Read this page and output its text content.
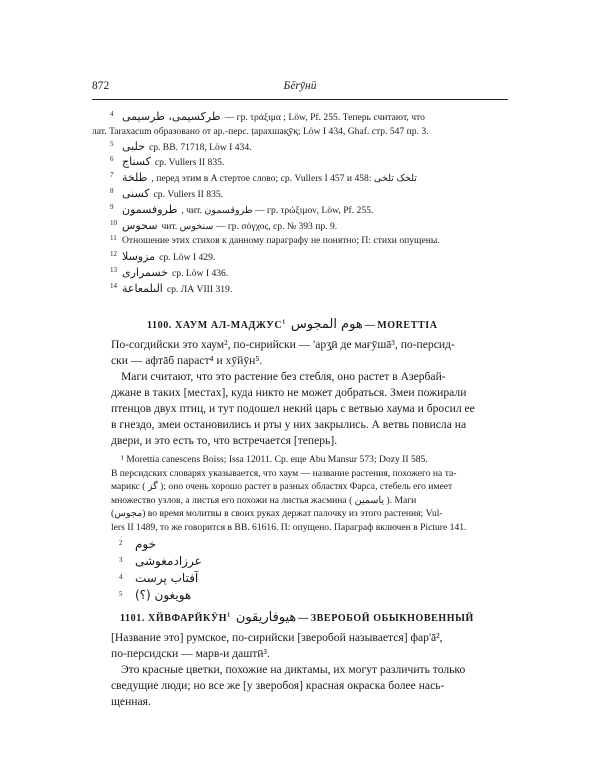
872	Бērӯнӣ
4 طرکسیمی، طرسیمی — гр. τράξιμα ; Löw, Pf. 255. Теперь считают, что
лат. Taraxacum образовано от ар.-перс. ṭарахшақӯқ; Löw I 434, Ghaf. стр. 547 пр. 3.
5 حلبی ср. BB. 71718, Löw I 434.
6 کسناج ср. Vullers II 835.
7 طلخة , перед этим в A стертое слово; ср. Vullers I 457 и 458: تلخک تلخی
8 کسنی ср. Vullers II 835.
9 طروفسمون , чит. طروقسمون — гр. τρώξιμον, Löw, Pf. 255.
10 سحوس чит. سنخوس — гр. σόγχος, ср. № 393 пр. 9.
11 Отношение этих стихов к данному параграфу не понятно; П: стихи опущены.
12 مزوسلا ср. Löw I 429.
13 خسمراری ср. Löw I 436.
14 الىلمعاعة ср. ЛА VIII 319.
1100. ХАУМ АЛ-МАДЖУС$^1$ هوم المجوس — MORETTIA
По-согдийски это хаум², по-сирийски — 'арӡ̣ӣ де мағӯшā³, по-персид-
ски — афтāб параст⁴ и хӯйӯн⁵.
Маги считают, что это растение без стебля, оно растет в Азербай-
джане в таких [местах], куда никто не может добраться. Змеи пожирали
птенцов двух птиц, и тут подошел некий царь с ветвью хаума и бросил ее
в гнездо, змеи остановились и рты у них закрылись. А ветвь повисла на
двери, и это есть то, что встречается [теперь].
¹ Morettia canescens Boiss; Issa 12011. Ср. еще Abu Mansur 573; Dozy II 585.
В персидских словарях указывается, что хаум — название растения, похожего на та-
марикс ( گز ); оно очень хорошо растет в разных областях Фарса, стебель его имеет
множество узлов, а листья его похожи на листья жасмина ( یاسمین ). Маги
(مجوس) во время молитвы в своих руках держат палочку из этого растения; Vul-
lers II 1489, то же говорится в BB. 61616. П: опущено. Параграф включен в Picture 141.
2 خوم
3 عرزادمغوشی
4 آفتاب پرست
5 هویغون (؟)
1101. ХЙВФАРЙКӮН$^1$ هيوفاريقون — ЗВЕРОБОЙ ОБЫКНОВЕННЫЙ
[Название это] румское, по-сирийски [зверобой называется] фар'ā²,
по-персидски — марв-и даштӣ³.
Это красные цветки, похожие на диктамы, их могут различить только
сведущие люди; но все же [у зверобоя] красная окраска более нась-
щенная.
